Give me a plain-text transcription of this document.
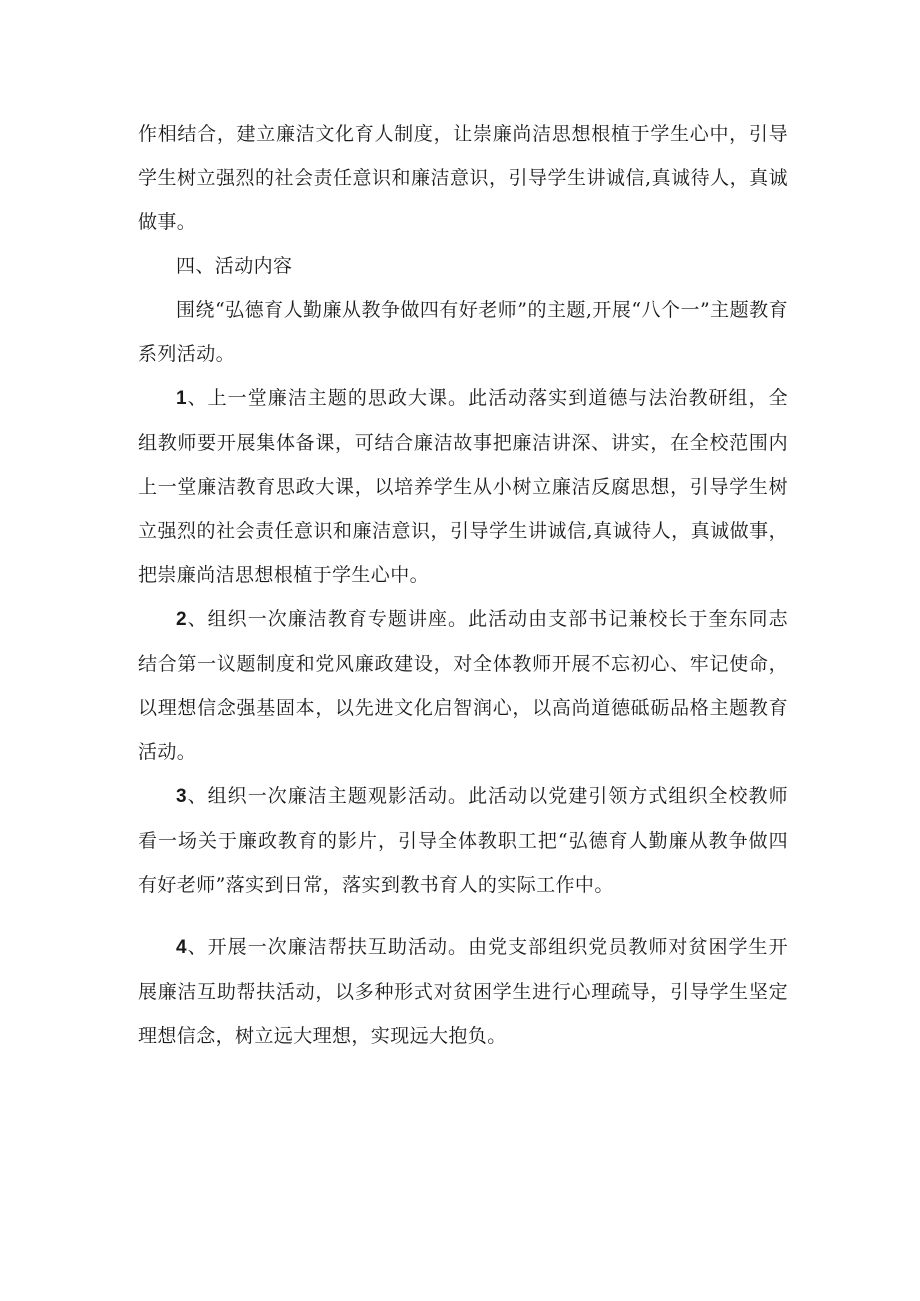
作相结合，建立廉洁文化育人制度，让崇廉尚洁思想根植于学生心中，引导学生树立强烈的社会责任意识和廉洁意识，引导学生讲诚信,真诚待人，真诚做事。

四、活动内容

围绕“弘德育人勤廉从教争做四有好老师”的主题,开展“八个一”主题教育系列活动。

1、上一堂廉洁主题的思政大课。此活动落实到道德与法治教研组，全组教师要开展集体备课，可结合廉洁故事把廉洁讲深、讲实，在全校范围内上一堂廉洁教育思政大课，以培养学生从小树立廉洁反腐思想，引导学生树立强烈的社会责任意识和廉洁意识，引导学生讲诚信,真诚待人，真诚做事，把崇廉尚洁思想根植于学生心中。

2、组织一次廉洁教育专题讲座。此活动由支部书记兼校长于奎东同志结合第一议题制度和党风廉政建设，对全体教师开展不忘初心、牢记使命，以理想信念强基固本，以先进文化启智润心，以高尚道德砥砺品格主题教育活动。

3、组织一次廉洁主题观影活动。此活动以党建引领方式组织全校教师看一场关于廉政教育的影片，引导全体教职工把“弘德育人勤廉从教争做四有好老师”落实到日常，落实到教书育人的实际工作中。

4、开展一次廉洁帮扶互助活动。由党支部组织党员教师对贫困学生开展廉洁互助帮扶活动，以多种形式对贫困学生进行心理疏导，引导学生坚定理想信念，树立远大理想，实现远大抱负。
